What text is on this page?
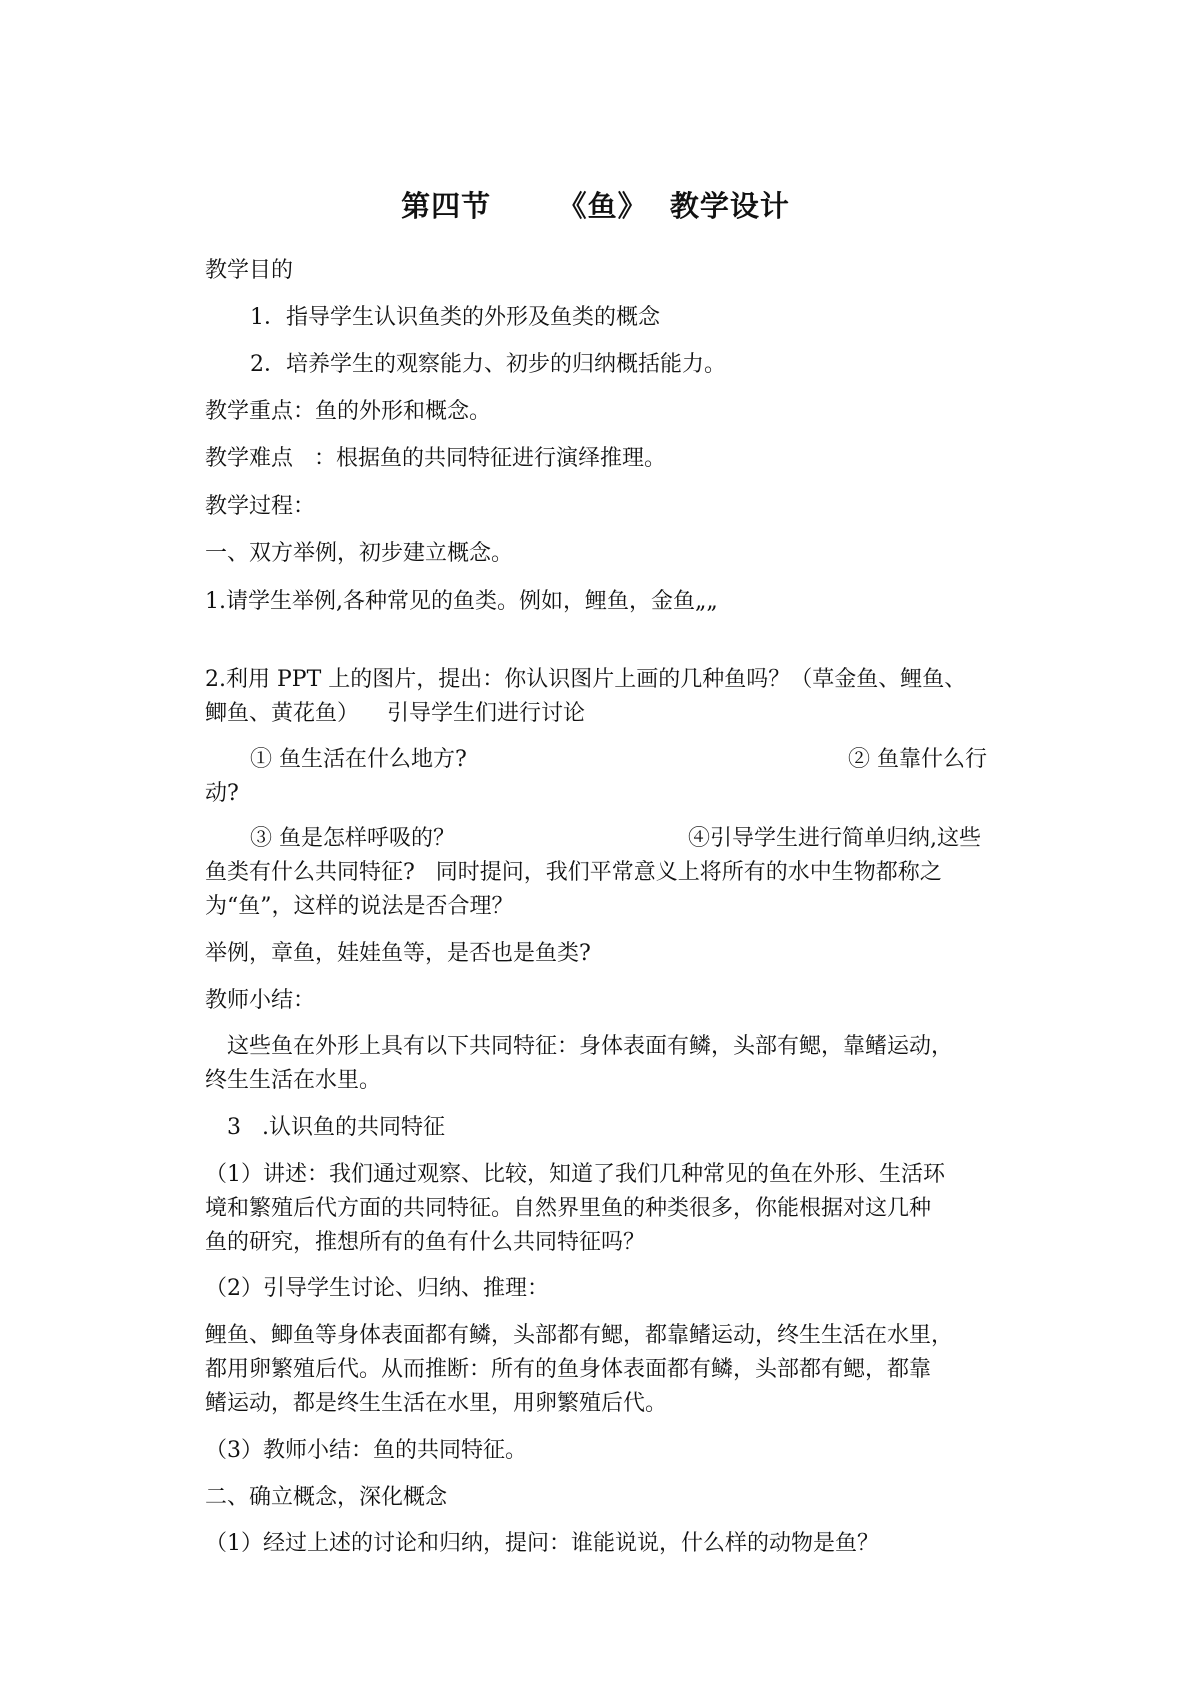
第四节      《鱼》  教学设计
教学目的
1．指导学生认识鱼类的外形及鱼类的概念
2．培养学生的观察能力、初步的归纳概括能力。
教学重点：鱼的外形和概念。
教学难点   ：根据鱼的共同特征进行演绎推理。
教学过程：
一、双方举例，初步建立概念。
1.请学生举例,各种常见的鱼类。例如，鲤鱼，金鱼„„
2.利用 PPT 上的图片，提出：你认识图片上画的几种鱼吗？（草金鱼、鲤鱼、
鲫鱼、黄花鱼）    引导学生们进行讨论
① 鱼生活在什么地方?	② 鱼靠什么行
动?
③ 鱼是怎样呼吸的？	④引导学生进行简单归纳,这些
鱼类有什么共同特征?   同时提问，我们平常意义上将所有的水中生物都称之
为“鱼”，这样的说法是否合理？
举例，章鱼，娃娃鱼等，是否也是鱼类?
教师小结：
这些鱼在外形上具有以下共同特征：身体表面有鳞，头部有鳃，靠鳍运动，
终生生活在水里。
3   .认识鱼的共同特征
（1）讲述：我们通过观察、比较，知道了我们几种常见的鱼在外形、生活环
境和繁殖后代方面的共同特征。自然界里鱼的种类很多，你能根据对这几种
鱼的研究，推想所有的鱼有什么共同特征吗？
（2）引导学生讨论、归纳、推理：
鲤鱼、鲫鱼等身体表面都有鳞，头部都有鳃，都靠鳍运动，终生生活在水里，
都用卵繁殖后代。从而推断：所有的鱼身体表面都有鳞，头部都有鳃，都靠
鳍运动，都是终生生活在水里，用卵繁殖后代。
（3）教师小结：鱼的共同特征。
二、确立概念，深化概念
（1）经过上述的讨论和归纳，提问：谁能说说，什么样的动物是鱼？
